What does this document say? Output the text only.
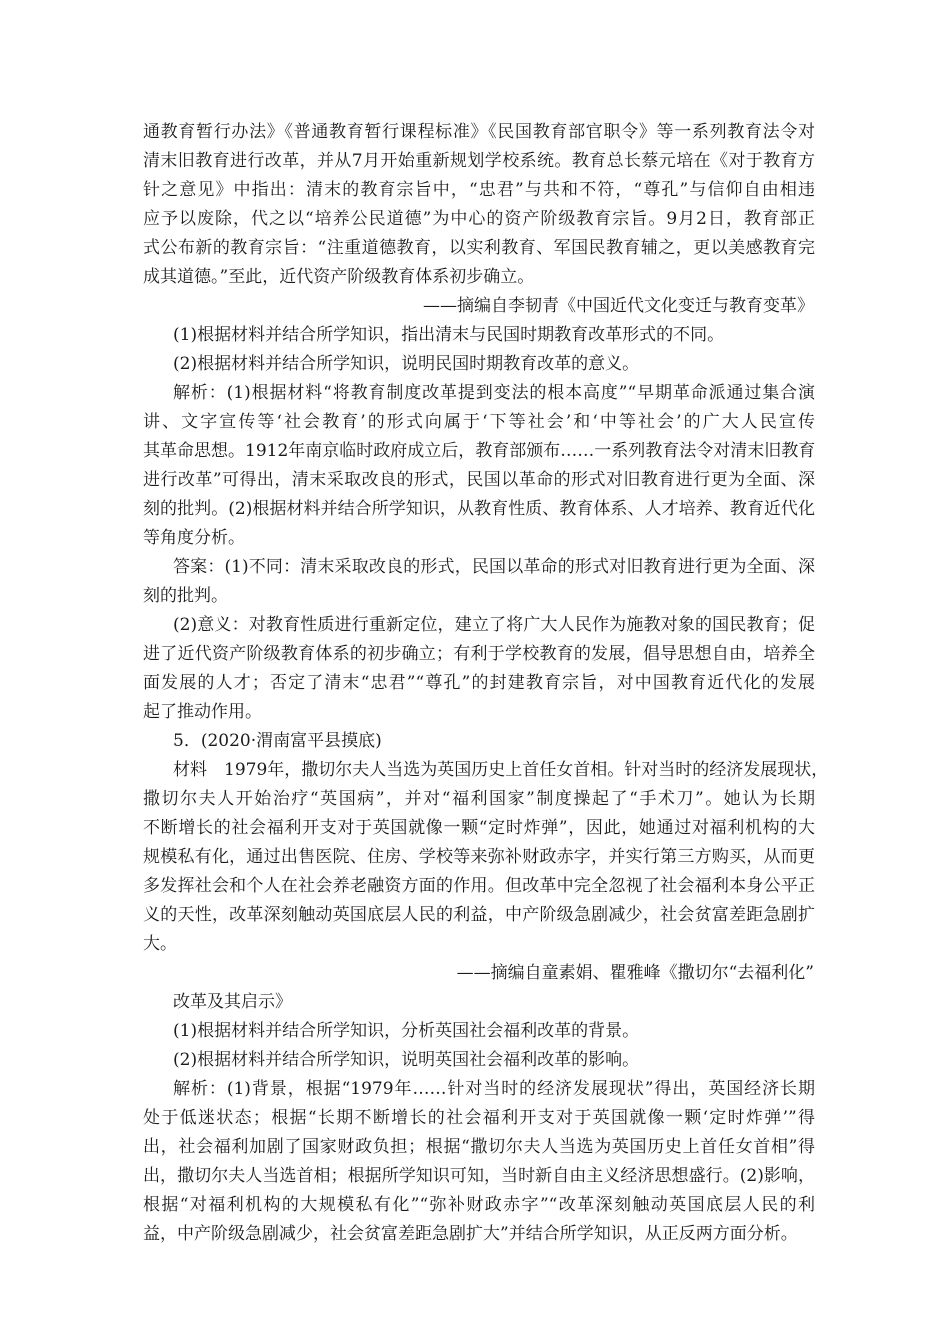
通教育暂行办法》《普通教育暂行课程标准》《民国教育部官职令》等一系列教育法令对
清末旧教育进行改革，并从7月开始重新规划学校系统。教育总长蔡元培在《对于教育方
针之意见》中指出：清末的教育宗旨中，“忠君”与共和不符，“尊孔”与信仰自由相违
应予以废除，代之以“培养公民道德”为中心的资产阶级教育宗旨。9月2日，教育部正
式公布新的教育宗旨：“注重道德教育，以实利教育、军国民教育辅之，更以美感教育完
成其道德。”至此，近代资产阶级教育体系初步确立。
——摘编自李韧青《中国近代文化变迁与教育变革》
(1)根据材料并结合所学知识，指出清末与民国时期教育改革形式的不同。
(2)根据材料并结合所学知识，说明民国时期教育改革的意义。
解析：(1)根据材料“将教育制度改革提到变法的根本高度”“早期革命派通过集合演
讲、文字宣传等‘社会教育’的形式向属于‘下等社会’和‘中等社会’的广大人民宣传
其革命思想。1912年南京临时政府成立后，教育部颁布……一系列教育法令对清末旧教育
进行改革”可得出，清末采取改良的形式，民国以革命的形式对旧教育进行更为全面、深
刻的批判。(2)根据材料并结合所学知识，从教育性质、教育体系、人才培养、教育近代化
等角度分析。
答案：(1)不同：清末采取改良的形式，民国以革命的形式对旧教育进行更为全面、深
刻的批判。
(2)意义：对教育性质进行重新定位，建立了将广大人民作为施教对象的国民教育；促
进了近代资产阶级教育体系的初步确立；有利于学校教育的发展，倡导思想自由，培养全
面发展的人才；否定了清末“忠君”“尊孔”的封建教育宗旨，对中国教育近代化的发展
起了推动作用。
5．(2020·渭南富平县摸底)
材料　1979年，撒切尔夫人当选为英国历史上首任女首相。针对当时的经济发展现状，
撒切尔夫人开始治疗“英国病”，并对“福利国家”制度操起了“手术刀”。她认为长期
不断增长的社会福利开支对于英国就像一颗“定时炸弹”，因此，她通过对福利机构的大
规模私有化，通过出售医院、住房、学校等来弥补财政赤字，并实行第三方购买，从而更
多发挥社会和个人在社会养老融资方面的作用。但改革中完全忽视了社会福利本身公平正
义的天性，改革深刻触动英国底层人民的利益，中产阶级急剧减少，社会贫富差距急剧扩
大。
——摘编自童素娟、瞿雅峰《撒切尔“去福利化”
改革及其启示》
(1)根据材料并结合所学知识，分析英国社会福利改革的背景。
(2)根据材料并结合所学知识，说明英国社会福利改革的影响。
解析：(1)背景，根据“1979年……针对当时的经济发展现状”得出，英国经济长期
处于低迷状态；根据“长期不断增长的社会福利开支对于英国就像一颗‘定时炸弹’”得
出，社会福利加剧了国家财政负担；根据“撒切尔夫人当选为英国历史上首任女首相”得
出，撒切尔夫人当选首相；根据所学知识可知，当时新自由主义经济思想盛行。(2)影响，
根据“对福利机构的大规模私有化”“弥补财政赤字”“改革深刻触动英国底层人民的利
益，中产阶级急剧减少，社会贫富差距急剧扩大”并结合所学知识，从正反两方面分析。
